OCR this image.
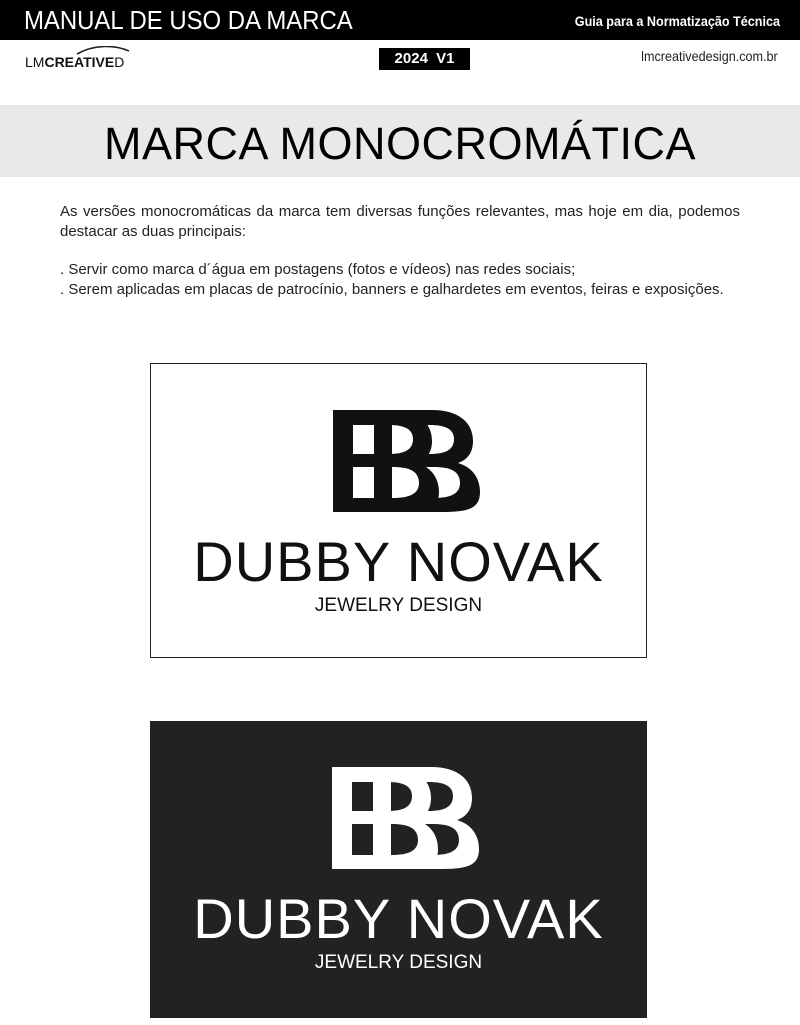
MANUAL DE USO DA MARCA	Guia para a Normatização Técnica
LMCREATIVED	2024 V1	lmcreativedesign.com.br
MARCA MONOCROMÁTICA

As versões monocromáticas da marca tem diversas funções relevantes, mas hoje em dia, podemos destacar as duas principais:

. Servir como marca d´água em postagens (fotos e vídeos) nas redes sociais;
. Serem aplicadas em placas de patrocínio, banners e galhardetes em eventos, feiras e exposições.
DUBBY NOVAK
JEWELRY DESIGN
DUBBY NOVAK
JEWELRY DESIGN
